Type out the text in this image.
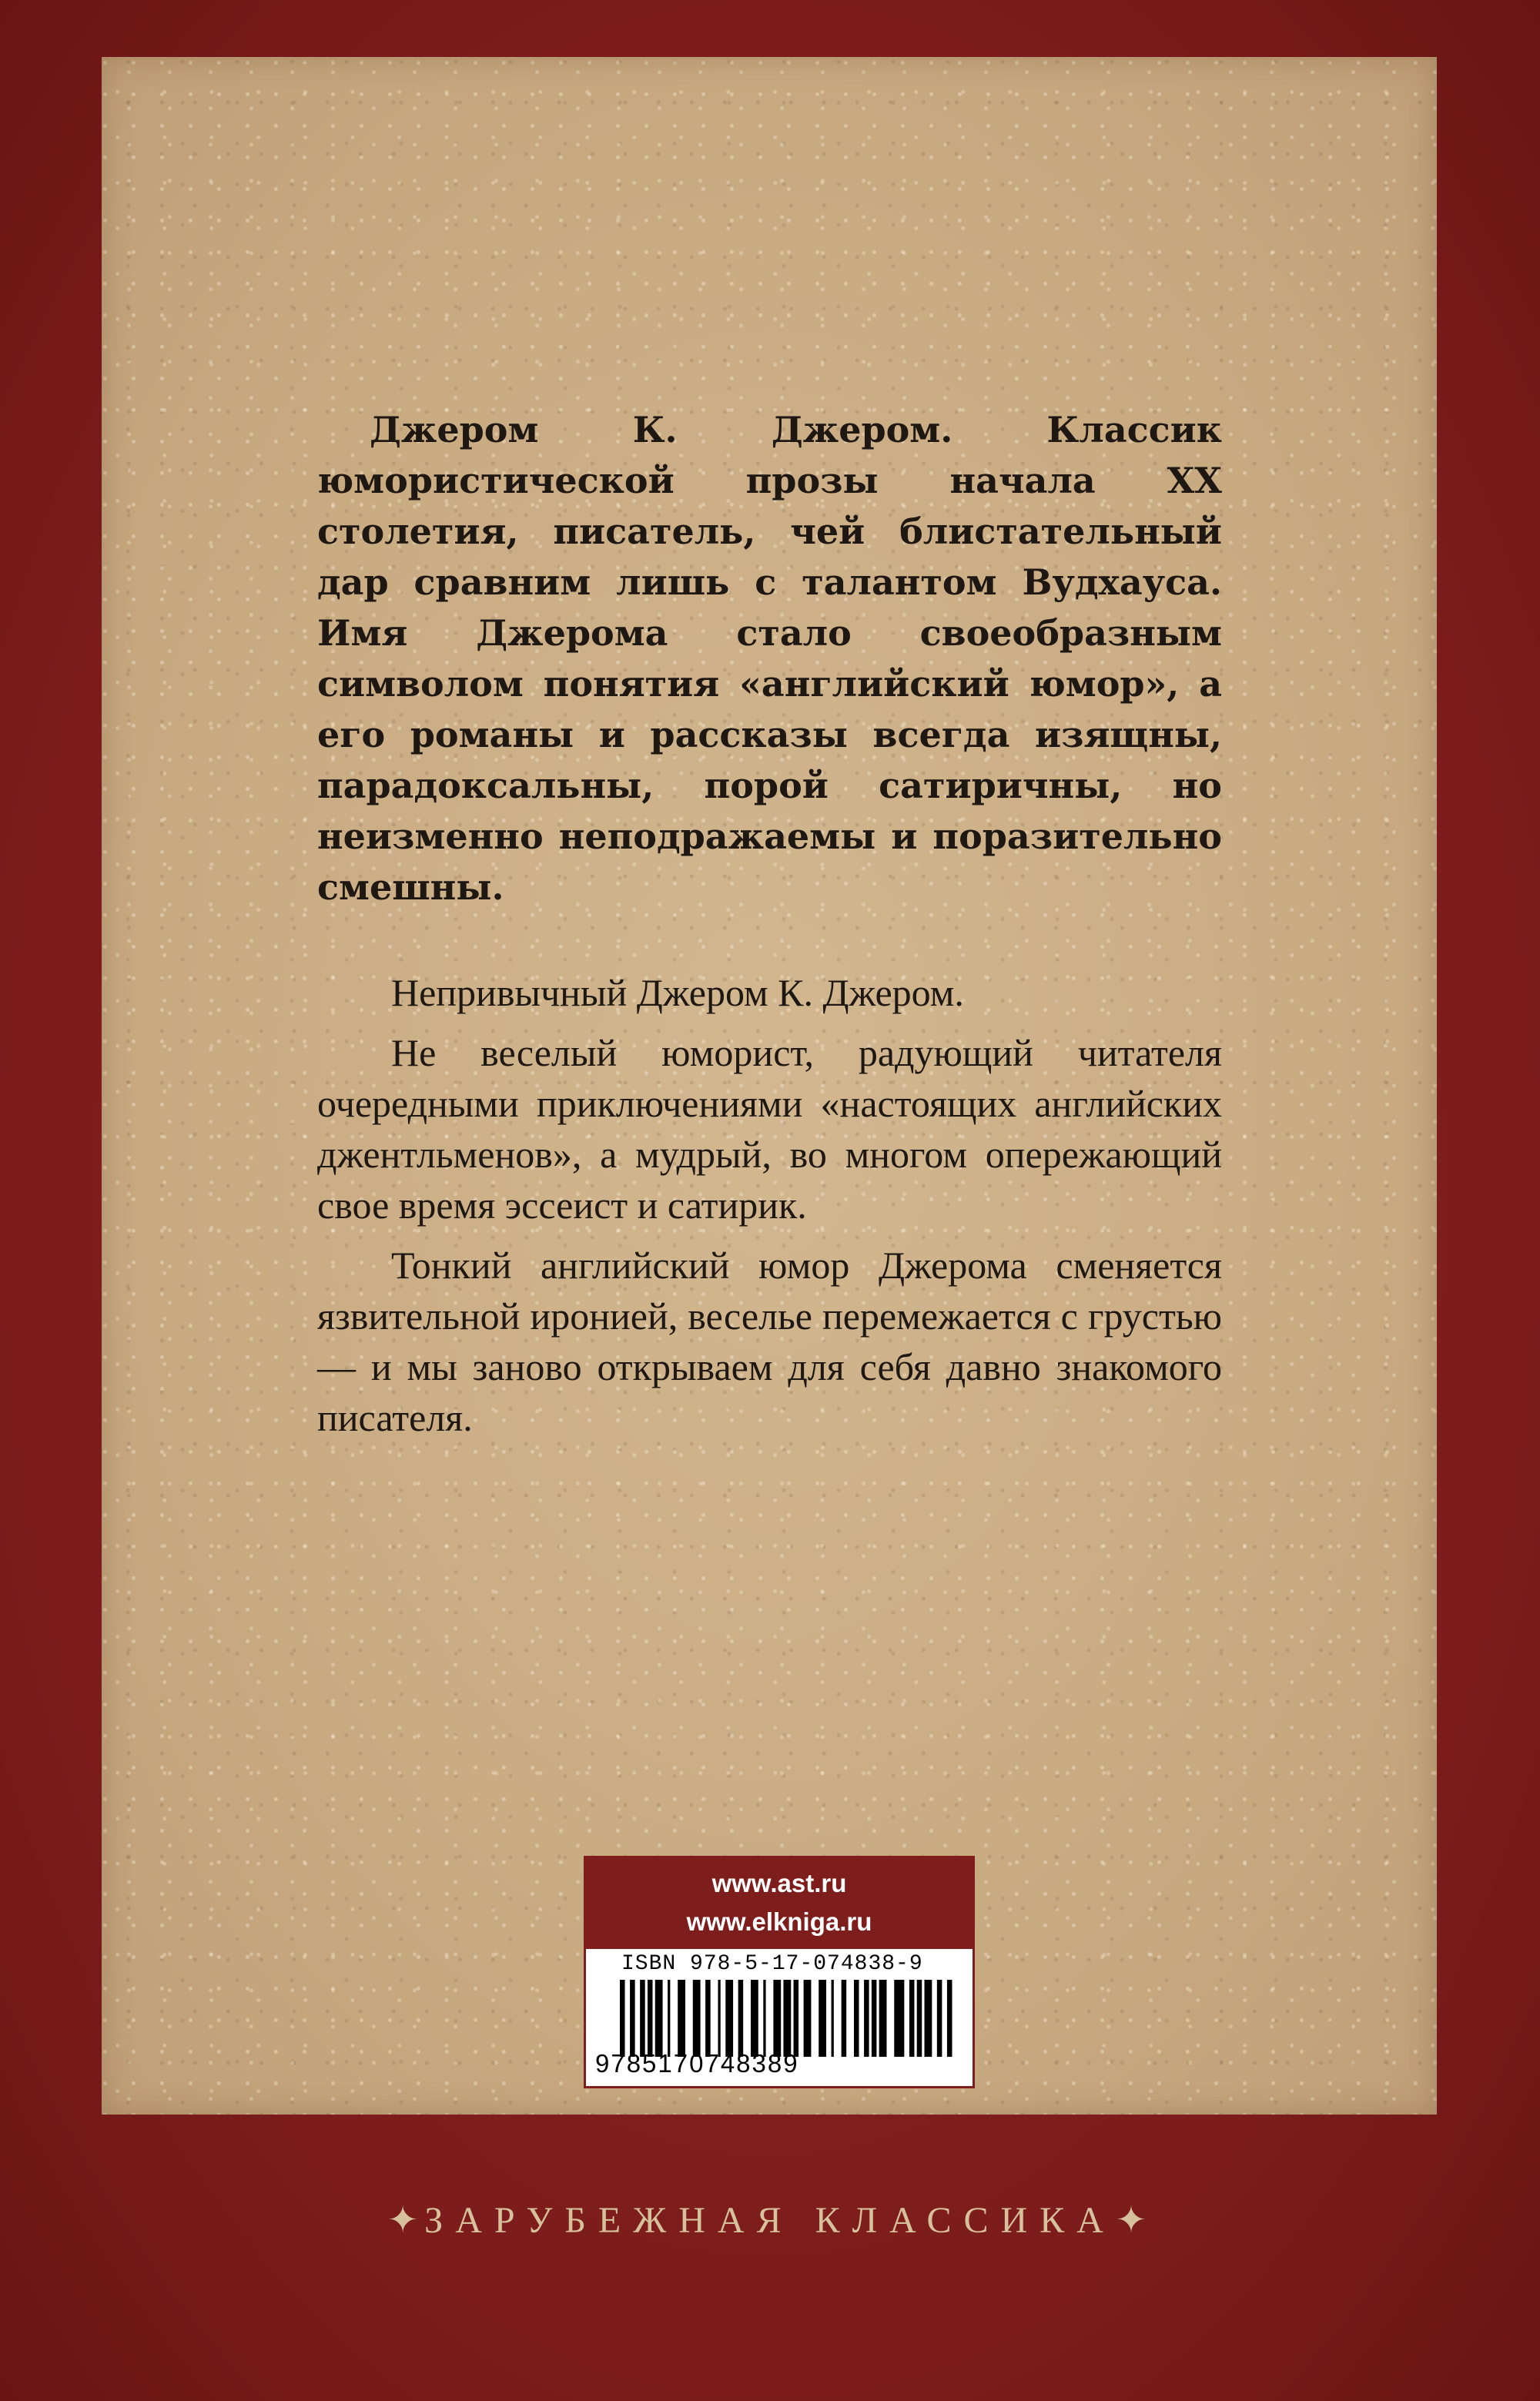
Джером К. Джером. Классик юмористической прозы начала XX столетия, писатель, чей блистательный дар сравним лишь с талантом Вудхауса. Имя Джерома стало своеобразным символом понятия «английский юмор», а его романы и рассказы всегда изящны, парадоксальны, порой сатиричны, но неизменно неподражаемы и поразительно смешны.

Непривычный Джером К. Джером.

Не веселый юморист, радующий читателя очередными приключениями «настоящих английских джентльменов», а мудрый, во многом опережающий свое время эссеист и сатирик.

Тонкий английский юмор Джерома сменяется язвительной иронией, веселье перемежается с грустью — и мы заново открываем для себя давно знакомого писателя.

www.ast.ru
www.elkniga.ru
ISBN 978-5-17-074838-9
9785170748389
✦ЗАРУБЕЖНАЯ КЛАССИКА✦
